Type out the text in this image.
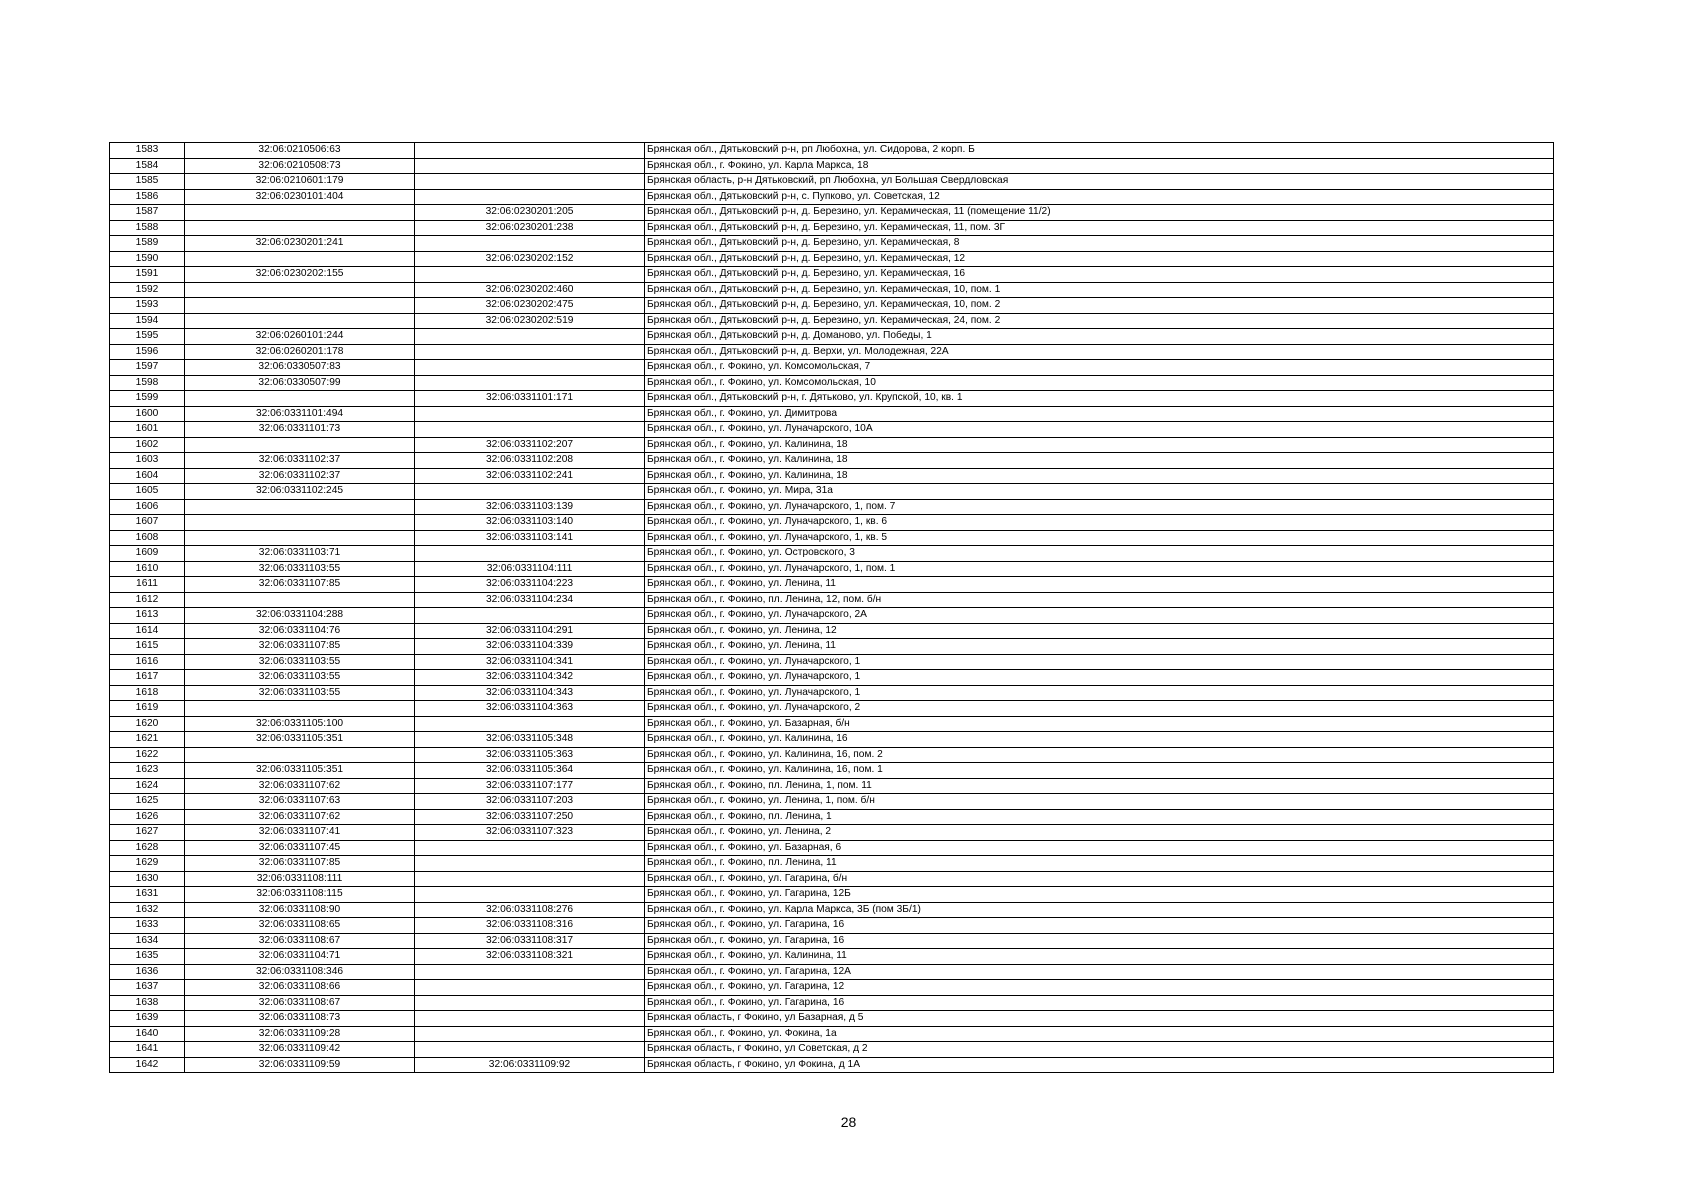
1583	32:06:0210506:63		Брянская обл., Дятьковский р-н, рп Любохна, ул. Сидорова, 2 корп. Б
1584	32:06:0210508:73		Брянская обл., г. Фокино, ул. Карла Маркса, 18
1585	32:06:0210601:179		Брянская область, р-н Дятьковский, рп Любохна, ул Большая Свердловская
1586	32:06:0230101:404		Брянская обл., Дятьковский р-н, с. Пупково, ул. Советская, 12
1587		32:06:0230201:205	Брянская обл., Дятьковский р-н, д. Березино, ул. Керамическая, 11 (помещение 11/2)
1588		32:06:0230201:238	Брянская обл., Дятьковский р-н, д. Березино, ул. Керамическая, 11, пом. 3Г
1589	32:06:0230201:241		Брянская обл., Дятьковский р-н, д. Березино, ул. Керамическая, 8
1590		32:06:0230202:152	Брянская обл., Дятьковский р-н, д. Березино, ул. Керамическая, 12
1591	32:06:0230202:155		Брянская обл., Дятьковский р-н, д. Березино, ул. Керамическая, 16
1592		32:06:0230202:460	Брянская обл., Дятьковский р-н, д. Березино, ул. Керамическая, 10, пом. 1
1593		32:06:0230202:475	Брянская обл., Дятьковский р-н, д. Березино, ул. Керамическая, 10, пом. 2
1594		32:06:0230202:519	Брянская обл., Дятьковский р-н, д. Березино, ул. Керамическая, 24, пом. 2
1595	32:06:0260101:244		Брянская обл., Дятьковский р-н, д. Доманово, ул. Победы, 1
1596	32:06:0260201:178		Брянская обл., Дятьковский р-н, д. Верхи, ул. Молодежная, 22А
1597	32:06:0330507:83		Брянская обл., г. Фокино, ул. Комсомольская, 7
1598	32:06:0330507:99		Брянская обл., г. Фокино, ул. Комсомольская, 10
1599		32:06:0331101:171	Брянская обл., Дятьковский р-н, г. Дятьково, ул. Крупской, 10, кв. 1
1600	32:06:0331101:494		Брянская обл., г. Фокино, ул. Димитрова
1601	32:06:0331101:73		Брянская обл., г. Фокино, ул. Луначарского, 10А
1602		32:06:0331102:207	Брянская обл., г. Фокино, ул. Калинина, 18
1603	32:06:0331102:37	32:06:0331102:208	Брянская обл., г. Фокино, ул. Калинина, 18
1604	32:06:0331102:37	32:06:0331102:241	Брянская обл., г. Фокино, ул. Калинина, 18
1605	32:06:0331102:245		Брянская обл., г. Фокино, ул. Мира, 31а
1606		32:06:0331103:139	Брянская обл., г. Фокино, ул. Луначарского, 1, пом. 7
1607		32:06:0331103:140	Брянская обл., г. Фокино, ул. Луначарского, 1, кв. 6
1608		32:06:0331103:141	Брянская обл., г. Фокино, ул. Луначарского, 1, кв. 5
1609	32:06:0331103:71		Брянская обл., г. Фокино, ул. Островского, 3
1610	32:06:0331103:55	32:06:0331104:111	Брянская обл., г. Фокино, ул. Луначарского, 1, пом. 1
1611	32:06:0331107:85	32:06:0331104:223	Брянская обл., г. Фокино, ул. Ленина, 11
1612		32:06:0331104:234	Брянская обл., г. Фокино, пл. Ленина, 12, пом. б/н
1613	32:06:0331104:288		Брянская обл., г. Фокино, ул. Луначарского, 2А
1614	32:06:0331104:76	32:06:0331104:291	Брянская обл., г. Фокино, ул. Ленина, 12
1615	32:06:0331107:85	32:06:0331104:339	Брянская обл., г. Фокино, ул. Ленина, 11
1616	32:06:0331103:55	32:06:0331104:341	Брянская обл., г. Фокино, ул. Луначарского, 1
1617	32:06:0331103:55	32:06:0331104:342	Брянская обл., г. Фокино, ул. Луначарского, 1
1618	32:06:0331103:55	32:06:0331104:343	Брянская обл., г. Фокино, ул. Луначарского, 1
1619		32:06:0331104:363	Брянская обл., г. Фокино, ул. Луначарского, 2
1620	32:06:0331105:100		Брянская обл., г. Фокино, ул. Базарная, б/н
1621	32:06:0331105:351	32:06:0331105:348	Брянская обл., г. Фокино, ул. Калинина, 16
1622		32:06:0331105:363	Брянская обл., г. Фокино, ул. Калинина, 16, пом. 2
1623	32:06:0331105:351	32:06:0331105:364	Брянская обл., г. Фокино, ул. Калинина, 16, пом. 1
1624	32:06:0331107:62	32:06:0331107:177	Брянская обл., г. Фокино, пл. Ленина, 1, пом. 11
1625	32:06:0331107:63	32:06:0331107:203	Брянская обл., г. Фокино, ул. Ленина, 1, пом. б/н
1626	32:06:0331107:62	32:06:0331107:250	Брянская обл., г. Фокино, пл. Ленина, 1
1627	32:06:0331107:41	32:06:0331107:323	Брянская обл., г. Фокино, ул. Ленина, 2
1628	32:06:0331107:45		Брянская обл., г. Фокино, ул. Базарная, 6
1629	32:06:0331107:85		Брянская обл., г. Фокино, пл. Ленина, 11
1630	32:06:0331108:111		Брянская обл., г. Фокино, ул. Гагарина, б/н
1631	32:06:0331108:115		Брянская обл., г. Фокино, ул. Гагарина, 12Б
1632	32:06:0331108:90	32:06:0331108:276	Брянская обл., г. Фокино, ул. Карла Маркса, 3Б (пом 3Б/1)
1633	32:06:0331108:65	32:06:0331108:316	Брянская обл., г. Фокино, ул. Гагарина, 16
1634	32:06:0331108:67	32:06:0331108:317	Брянская обл., г. Фокино, ул. Гагарина, 16
1635	32:06:0331104:71	32:06:0331108:321	Брянская обл., г. Фокино, ул. Калинина, 11
1636	32:06:0331108:346		Брянская обл., г. Фокино, ул. Гагарина, 12А
1637	32:06:0331108:66		Брянская обл., г. Фокино, ул. Гагарина, 12
1638	32:06:0331108:67		Брянская обл., г. Фокино, ул. Гагарина, 16
1639	32:06:0331108:73		Брянская область, г Фокино, ул Базарная, д 5
1640	32:06:0331109:28		Брянская обл., г. Фокино, ул. Фокина, 1а
1641	32:06:0331109:42		Брянская область, г Фокино, ул Советская, д 2
1642	32:06:0331109:59	32:06:0331109:92	Брянская область, г Фокино, ул Фокина, д 1А
28
